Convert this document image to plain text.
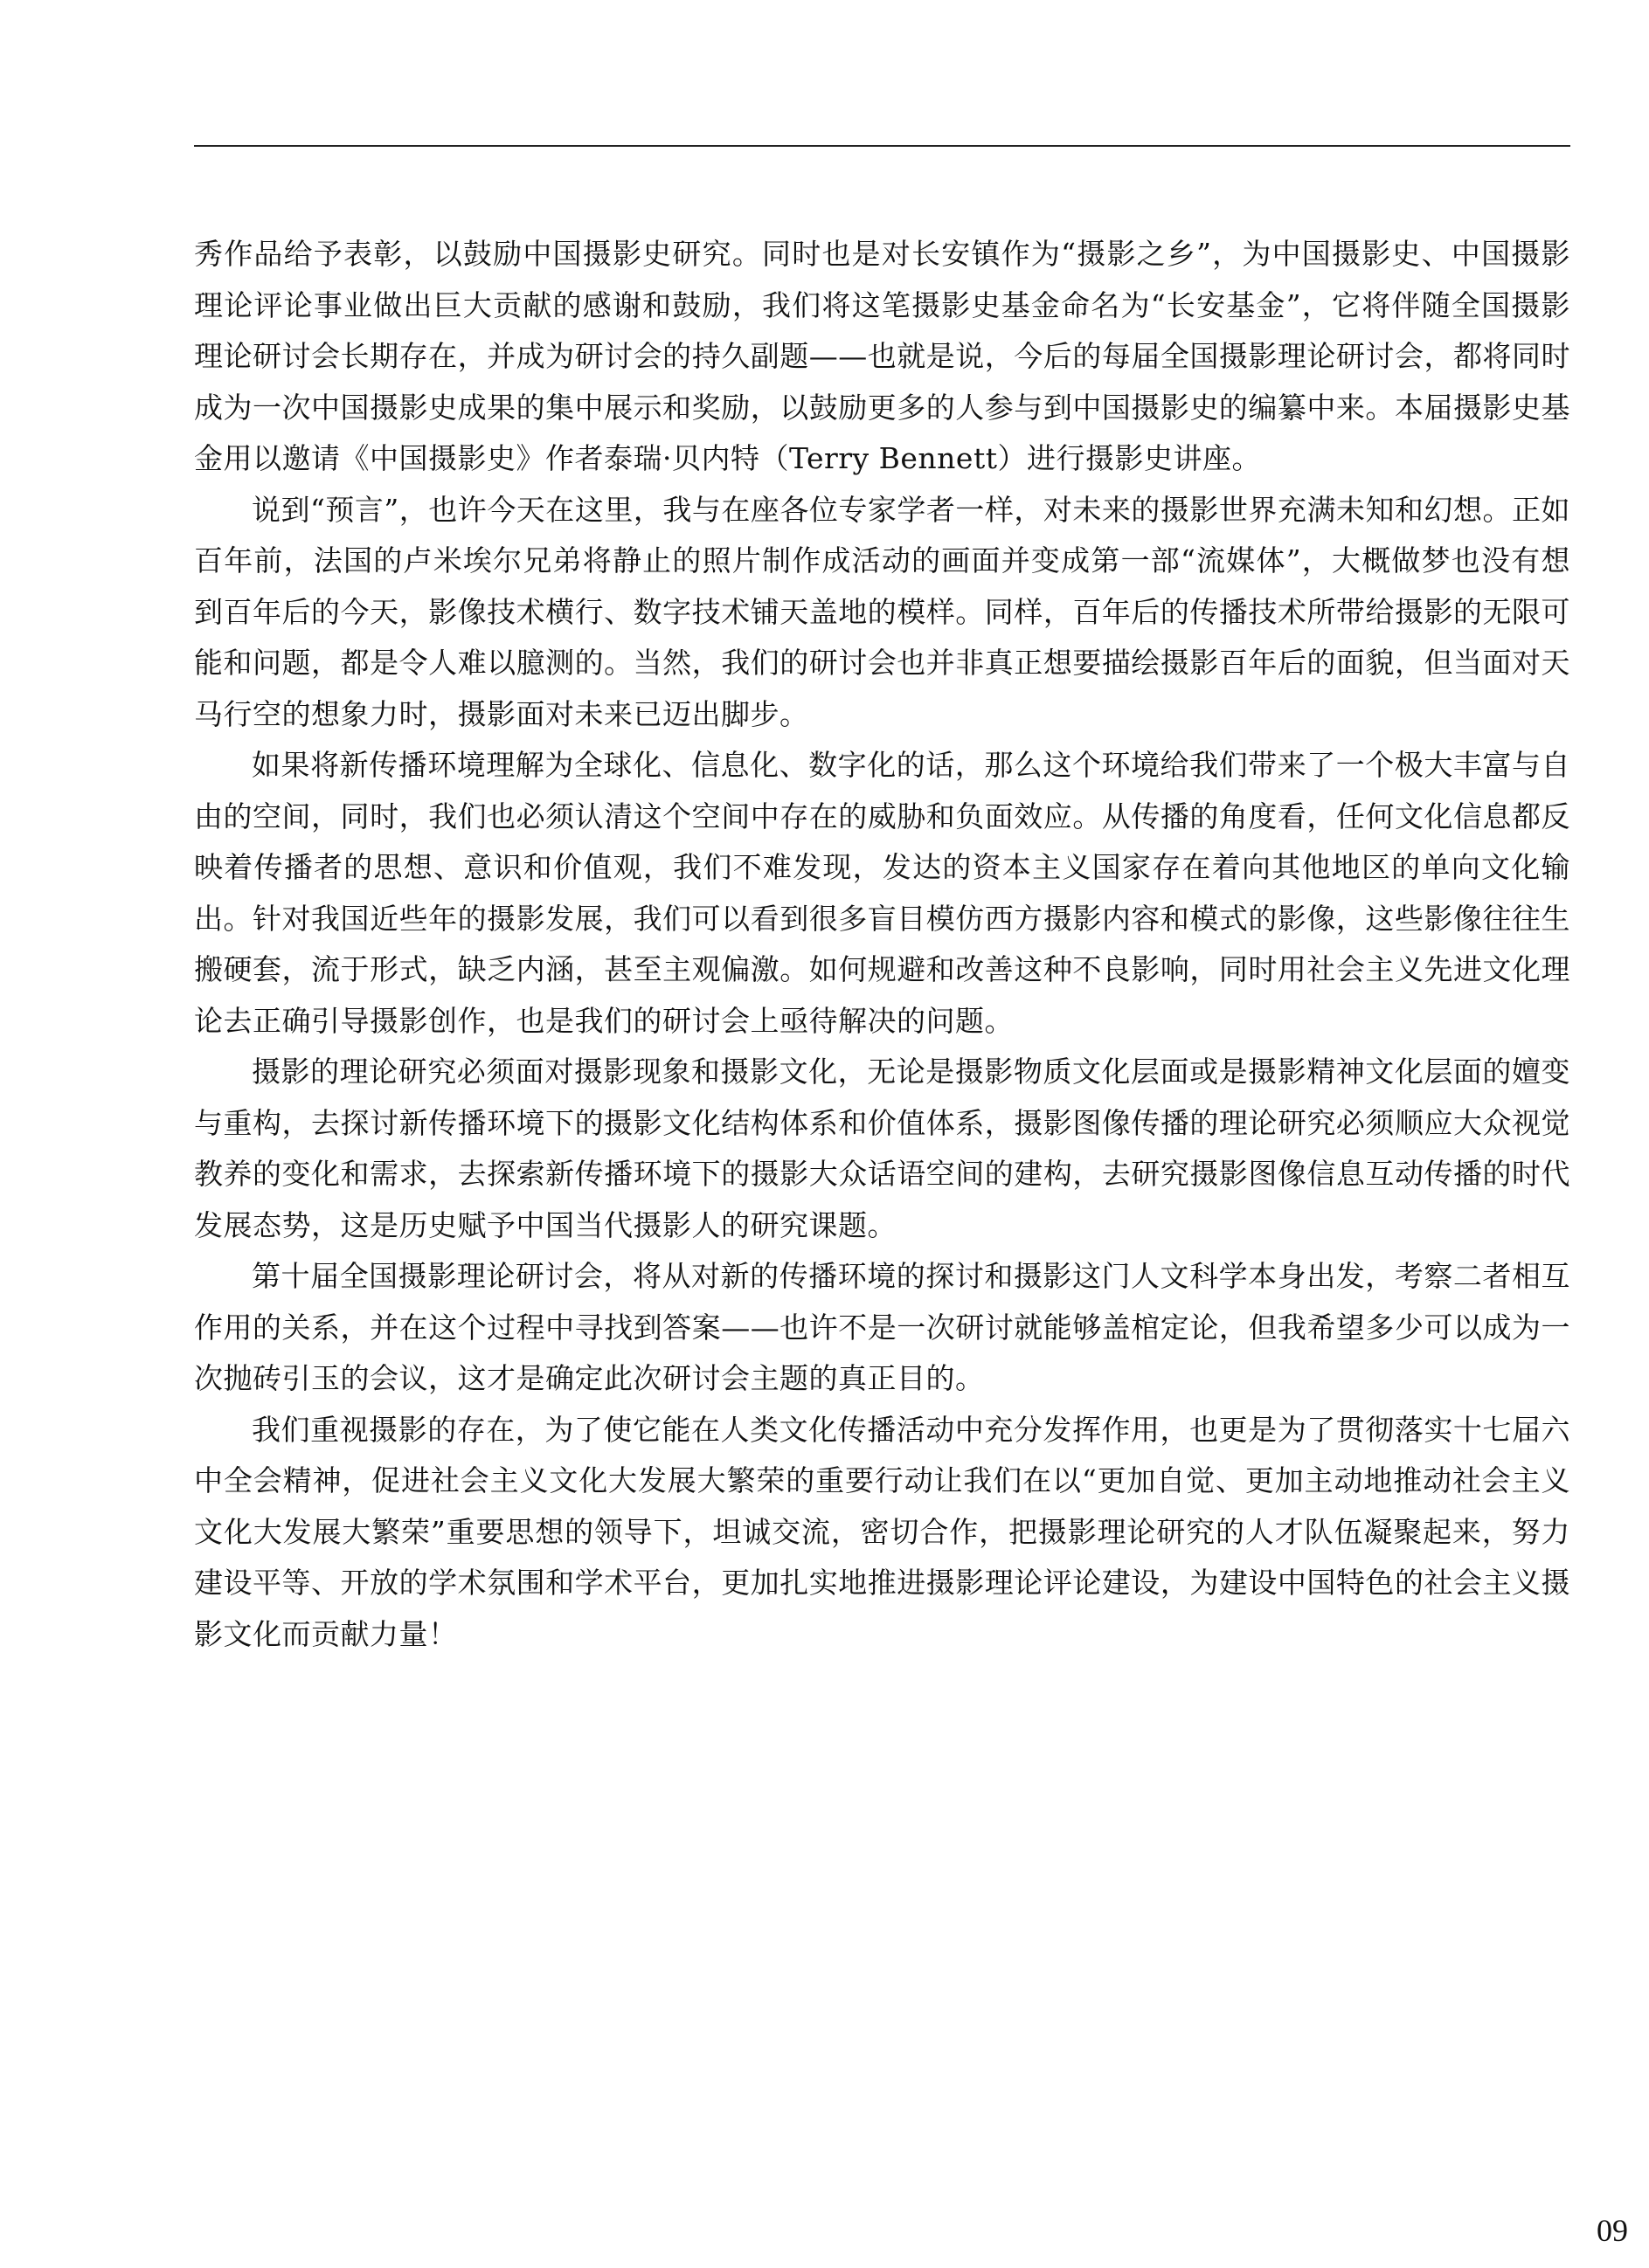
秀作品给予表彰，以鼓励中国摄影史研究。同时也是对长安镇作为“摄影之乡”，为中国摄影史、中国摄影理论评论事业做出巨大贡献的感谢和鼓励，我们将这笔摄影史基金命名为“长安基金”，它将伴随全国摄影理论研讨会长期存在，并成为研讨会的持久副题——也就是说，今后的每届全国摄影理论研讨会，都将同时成为一次中国摄影史成果的集中展示和奖励，以鼓励更多的人参与到中国摄影史的编纂中来。本届摄影史基金用以邀请《中国摄影史》作者泰瑞·贝内特（Terry Bennett）进行摄影史讲座。

说到“预言”，也许今天在这里，我与在座各位专家学者一样，对未来的摄影世界充满未知和幻想。正如百年前，法国的卢米埃尔兄弟将静止的照片制作成活动的画面并变成第一部“流媒体”，大概做梦也没有想到百年后的今天，影像技术横行、数字技术铺天盖地的模样。同样，百年后的传播技术所带给摄影的无限可能和问题，都是令人难以臆测的。当然，我们的研讨会也并非真正想要描绘摄影百年后的面貌，但当面对天马行空的想象力时，摄影面对未来已迈出脚步。

如果将新传播环境理解为全球化、信息化、数字化的话，那么这个环境给我们带来了一个极大丰富与自由的空间，同时，我们也必须认清这个空间中存在的威胁和负面效应。从传播的角度看，任何文化信息都反映着传播者的思想、意识和价值观，我们不难发现，发达的资本主义国家存在着向其他地区的单向文化输出。针对我国近些年的摄影发展，我们可以看到很多盲目模仿西方摄影内容和模式的影像，这些影像往往生搬硬套，流于形式，缺乏内涵，甚至主观偏激。如何规避和改善这种不良影响，同时用社会主义先进文化理论去正确引导摄影创作，也是我们的研讨会上亟待解决的问题。

摄影的理论研究必须面对摄影现象和摄影文化，无论是摄影物质文化层面或是摄影精神文化层面的嬗变与重构，去探讨新传播环境下的摄影文化结构体系和价值体系，摄影图像传播的理论研究必须顺应大众视觉教养的变化和需求，去探索新传播环境下的摄影大众话语空间的建构，去研究摄影图像信息互动传播的时代发展态势，这是历史赋予中国当代摄影人的研究课题。

第十届全国摄影理论研讨会，将从对新的传播环境的探讨和摄影这门人文科学本身出发，考察二者相互作用的关系，并在这个过程中寻找到答案——也许不是一次研讨就能够盖棺定论，但我希望多少可以成为一次抛砖引玉的会议，这才是确定此次研讨会主题的真正目的。

我们重视摄影的存在，为了使它能在人类文化传播活动中充分发挥作用，也更是为了贯彻落实十七届六中全会精神，促进社会主义文化大发展大繁荣的重要行动让我们在以“更加自觉、更加主动地推动社会主义文化大发展大繁荣”重要思想的领导下，坦诚交流，密切合作，把摄影理论研究的人才队伍凝聚起来，努力建设平等、开放的学术氛围和学术平台，更加扎实地推进摄影理论评论建设，为建设中国特色的社会主义摄影文化而贡献力量！

09
